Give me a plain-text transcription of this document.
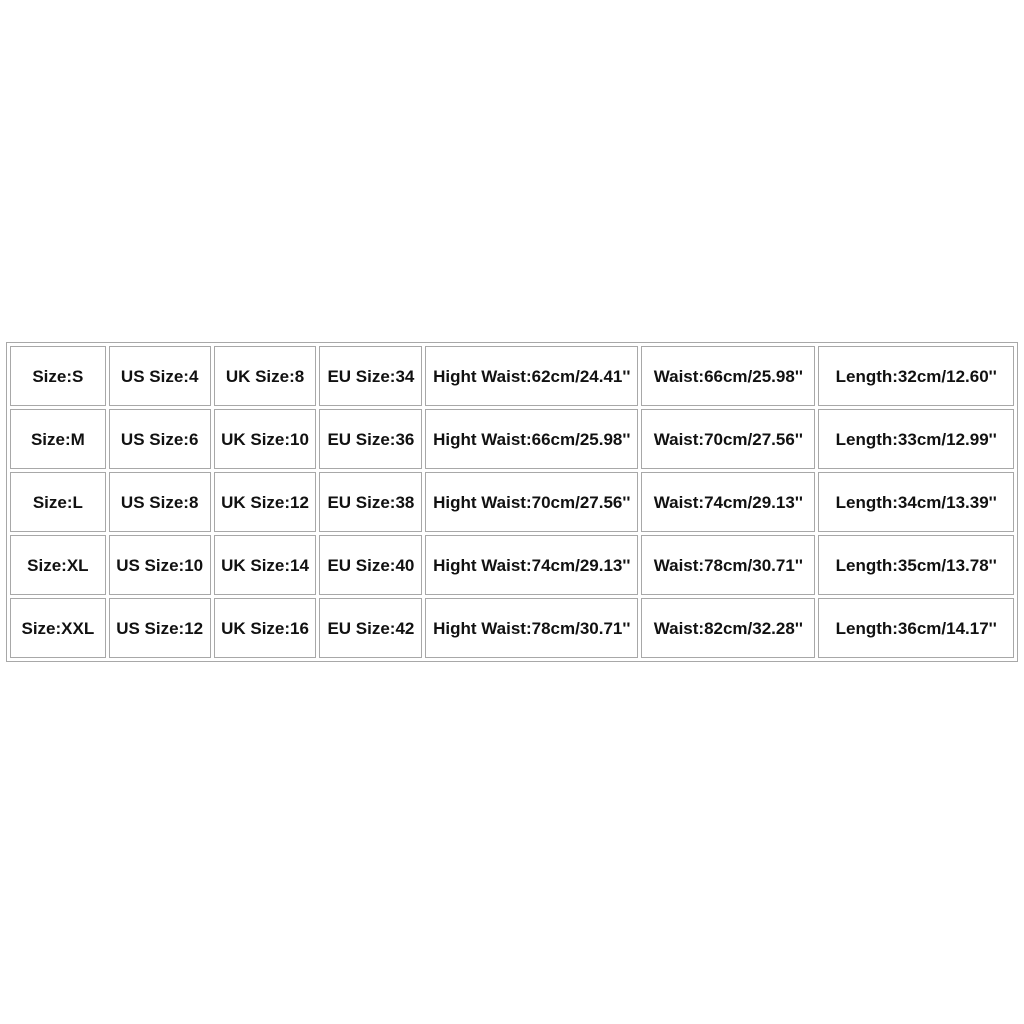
Size:S	US Size:4	UK Size:8	EU Size:34	Hight Waist:62cm/24.41''	Waist:66cm/25.98''	Length:32cm/12.60''
Size:M	US Size:6	UK Size:10	EU Size:36	Hight Waist:66cm/25.98''	Waist:70cm/27.56''	Length:33cm/12.99''
Size:L	US Size:8	UK Size:12	EU Size:38	Hight Waist:70cm/27.56''	Waist:74cm/29.13''	Length:34cm/13.39''
Size:XL	US Size:10	UK Size:14	EU Size:40	Hight Waist:74cm/29.13''	Waist:78cm/30.71''	Length:35cm/13.78''
Size:XXL	US Size:12	UK Size:16	EU Size:42	Hight Waist:78cm/30.71''	Waist:82cm/32.28''	Length:36cm/14.17''
